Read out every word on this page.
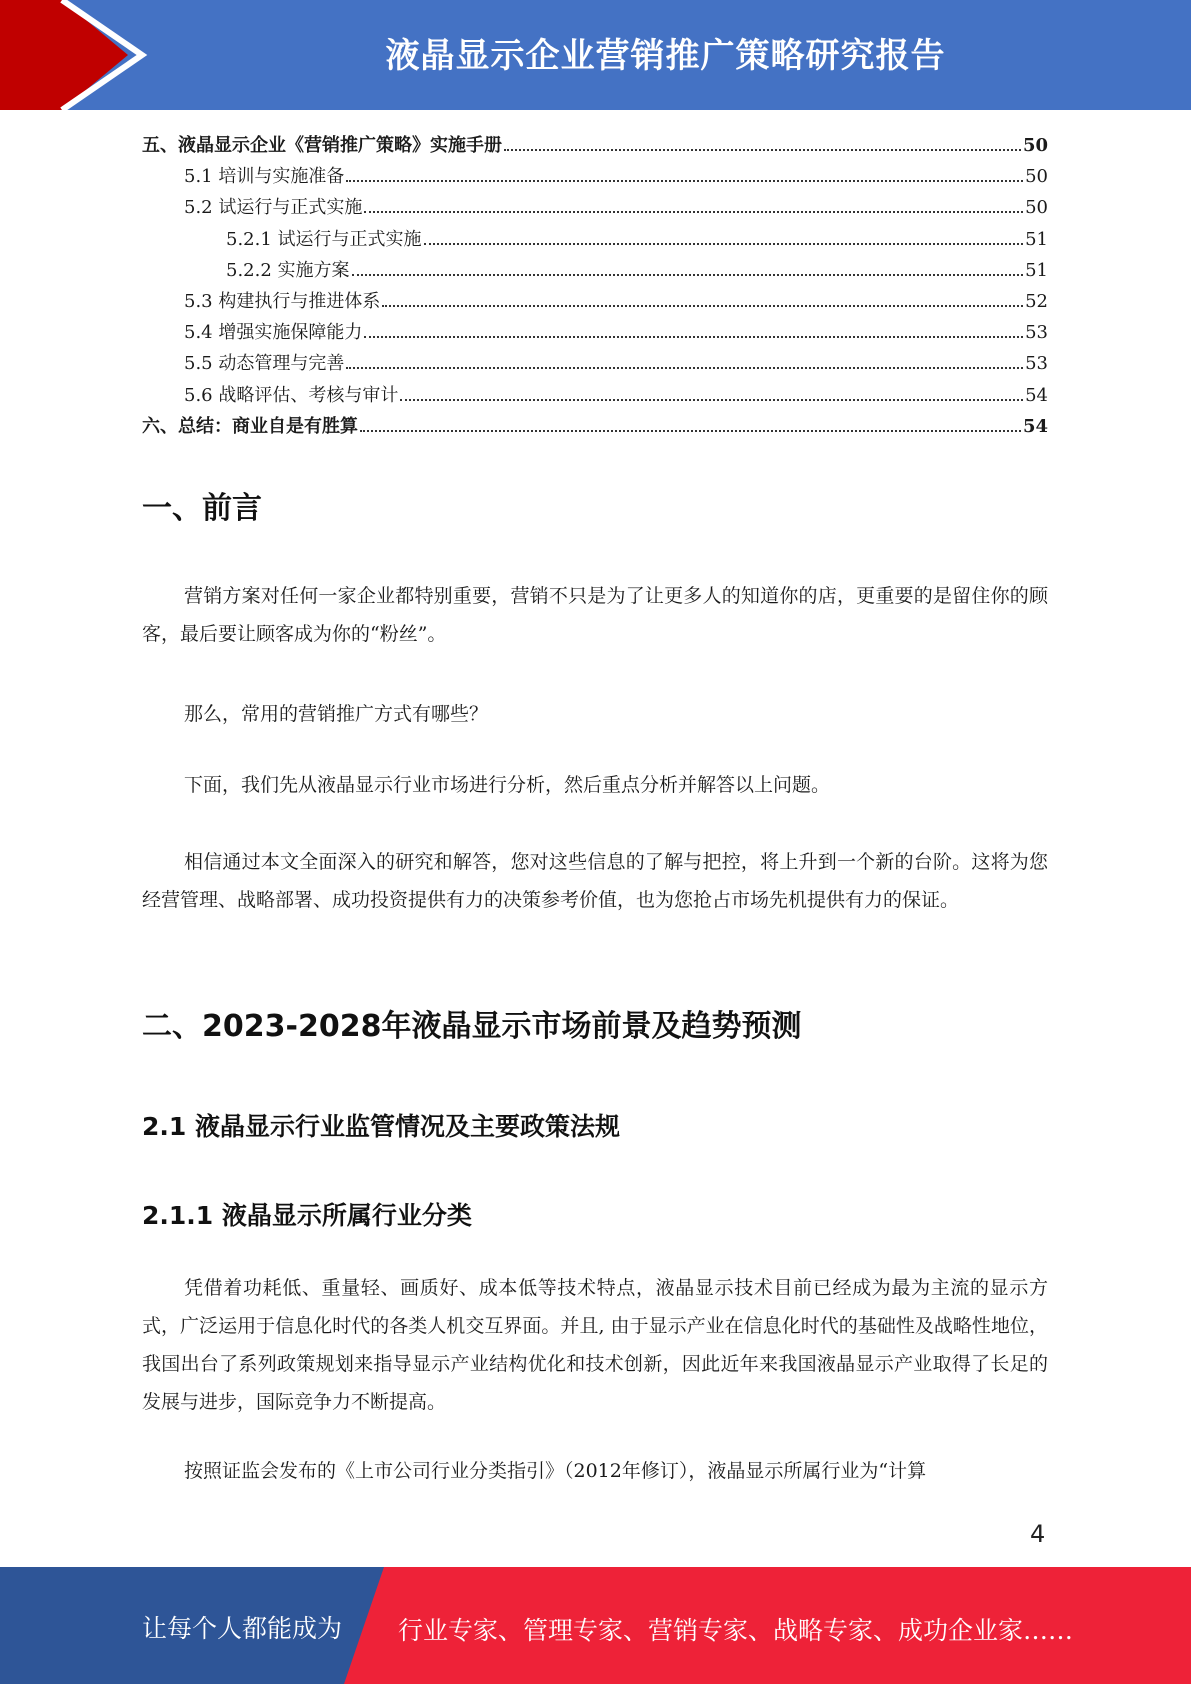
液晶显示企业营销推广策略研究报告
五、液晶显示企业《营销推广策略》实施手册	50
5.1 培训与实施准备	50
5.2 试运行与正式实施	50
5.2.1 试运行与正式实施	51
5.2.2 实施方案	51
5.3 构建执行与推进体系	52
5.4 增强实施保障能力	53
5.5 动态管理与完善	53
5.6 战略评估、考核与审计	54
六、总结：商业自是有胜算	54
一、前言
营销方案对任何一家企业都特别重要，营销不只是为了让更多人的知道你的店，更重要的是留住你的顾客，最后要让顾客成为你的“粉丝”。
那么，常用的营销推广方式有哪些？
下面，我们先从液晶显示行业市场进行分析，然后重点分析并解答以上问题。
相信通过本文全面深入的研究和解答，您对这些信息的了解与把控，将上升到一个新的台阶。这将为您经营管理、战略部署、成功投资提供有力的决策参考价值，也为您抢占市场先机提供有力的保证。
二、2023-2028年液晶显示市场前景及趋势预测
2.1 液晶显示行业监管情况及主要政策法规
2.1.1 液晶显示所属行业分类
凭借着功耗低、重量轻、画质好、成本低等技术特点，液晶显示技术目前已经成为最为主流的显示方式，广泛运用于信息化时代的各类人机交互界面。并且, 由于显示产业在信息化时代的基础性及战略性地位，我国出台了系列政策规划来指导显示产业结构优化和技术创新，因此近年来我国液晶显示产业取得了长足的发展与进步，国际竞争力不断提高。
按照证监会发布的《上市公司行业分类指引》（2012年修订），液晶显示所属行业为“计算
4
让每个人都能成为 行业专家、管理专家、营销专家、战略专家、成功企业家……
